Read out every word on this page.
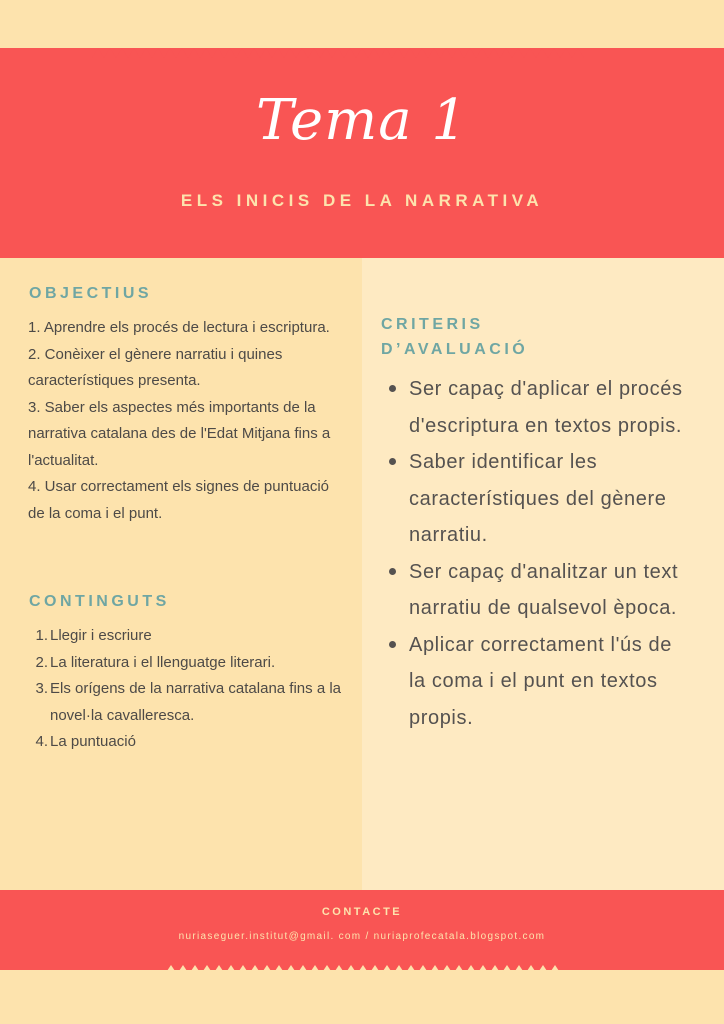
Tema 1
ELS INICIS DE LA NARRATIVA
OBJECTIUS

1. Aprendre els procés de lectura i escriptura.

2. Conèixer el gènere narratiu i quines característiques presenta.

3. Saber els aspectes més importants de la narrativa catalana des de l'Edat Mitjana fins a l'actualitat.

4. Usar correctament els signes de puntuació de la coma i el punt.

CONTINGUTS
1. Llegir i escriure
2. La literatura i el llenguatge literari.
3. Els orígens de la narrativa catalana fins a la novel·la cavalleresca.
4. La puntuació
CRITERIS
D’AVALUACIÓ
Ser capaç d'aplicar el procés d'escriptura en textos propis.
Saber identificar les característiques del gènere narratiu.
Ser capaç d'analitzar un text narratiu de qualsevol època.
Aplicar correctament l'ús de la coma i el punt en textos propis.
CONTACTE
nuriaseguer.institut@gmail. com / nuriaprofecatala.blogspot.com
